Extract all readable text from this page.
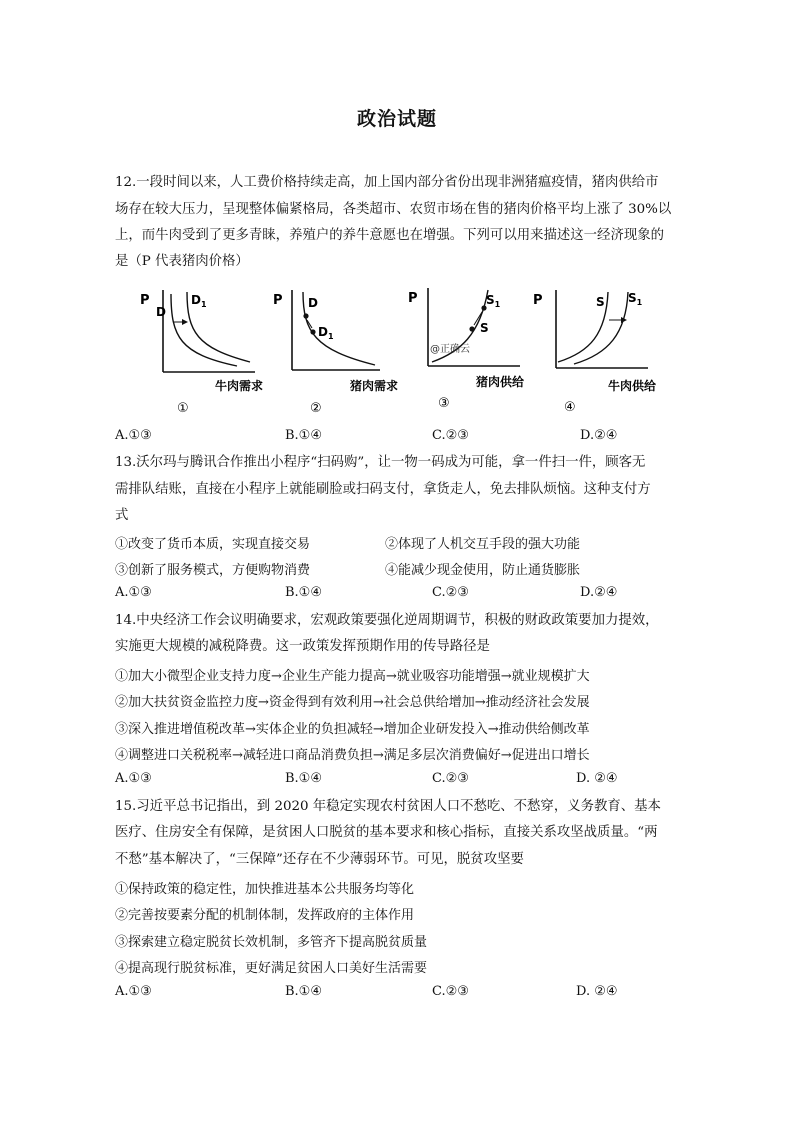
政治试题
12.一段时间以来，人工费价格持续走高，加上国内部分省份出现非洲猪瘟疫情，猪肉供给市
场存在较大压力，呈现整体偏紧格局，各类超市、农贸市场在售的猪肉价格平均上涨了 30%以
上，而牛肉受到了更多青睐，养殖户的养牛意愿也在增强。下列可以用来描述这一经济现象的
是（P 代表猪肉价格）
P
D
$D_1$
牛肉需求
①
P D
$D_1$
猪肉需求
②
P	$S_1$
S
@正确云
猪肉供给
③
P	S $S_1$
牛肉供给
④
A.①③	B.①④	C.②③	D.②④
13.沃尔玛与腾讯合作推出小程序“扫码购”，让一物一码成为可能，拿一件扫一件，顾客无
需排队结账，直接在小程序上就能刷脸或扫码支付，拿货走人，免去排队烦恼。这种支付方
式
①改变了货币本质，实现直接交易	②体现了人机交互手段的强大功能
③创新了服务模式，方便购物消费	④能减少现金使用，防止通货膨胀
A.①③	B.①④	C.②③	D.②④
14.中央经济工作会议明确要求，宏观政策要强化逆周期调节，积极的财政政策要加力提效，
实施更大规模的减税降费。这一政策发挥预期作用的传导路径是
①加大小微型企业支持力度→企业生产能力提高→就业吸容功能增强→就业规模扩大
②加大扶贫资金监控力度→资金得到有效利用→社会总供给增加→推动经济社会发展
③深入推进增值税改革→实体企业的负担减轻→增加企业研发投入→推动供给侧改革
④调整进口关税税率→减轻进口商品消费负担→满足多层次消费偏好→促进出口增长
A.①③	B.①④	C.②③	D. ②④
15.习近平总书记指出，到 2020 年稳定实现农村贫困人口不愁吃、不愁穿，义务教育、基本
医疗、住房安全有保障，是贫困人口脱贫的基本要求和核心指标，直接关系攻坚战质量。“两
不愁”基本解决了，“三保障”还存在不少薄弱环节。可见，脱贫攻坚要
①保持政策的稳定性，加快推进基本公共服务均等化
②完善按要素分配的机制体制，发挥政府的主体作用
③探索建立稳定脱贫长效机制，多管齐下提高脱贫质量
④提高现行脱贫标准，更好满足贫困人口美好生活需要
A.①③	B.①④	C.②③	D. ②④
